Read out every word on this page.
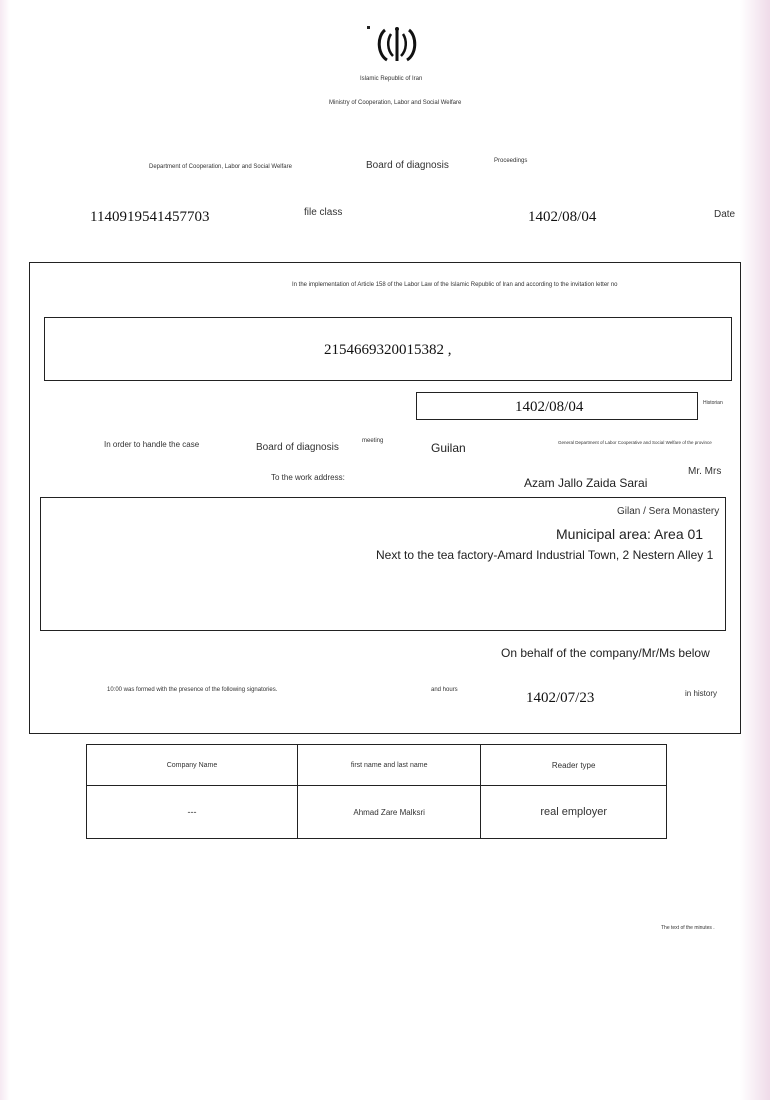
Islamic Republic of Iran
Ministry of Cooperation, Labor and Social Welfare
Department of Cooperation, Labor and Social Welfare	Board of diagnosis	Proceedings
1140919541457703	file class	1402/08/04	Date
In the implementation of Article 158 of the Labor Law of the Islamic Republic of Iran and according to the invitation letter no
2154669320015382 ,
1402/08/04	Historian
In order to handle the case	Board of diagnosis
meeting	Guilan	General Department of Labor Cooperative and Social Welfare of the province
To the work address:	Azam Jallo Zaida Sarai
Mr. Mrs
Gilan / Sera Monastery
Municipal area: Area 01
Next to the tea factory-Amard Industrial Town, 2 Nestern Alley 1
On behalf of the company/Mr/Ms below
10:00 was formed with the presence of the following signatories.	and hours	1402/07/23	in history
Company Name	first name and last name	Reader type
---	Ahmad Zare Malksri	real employer
The text of the minutes .
